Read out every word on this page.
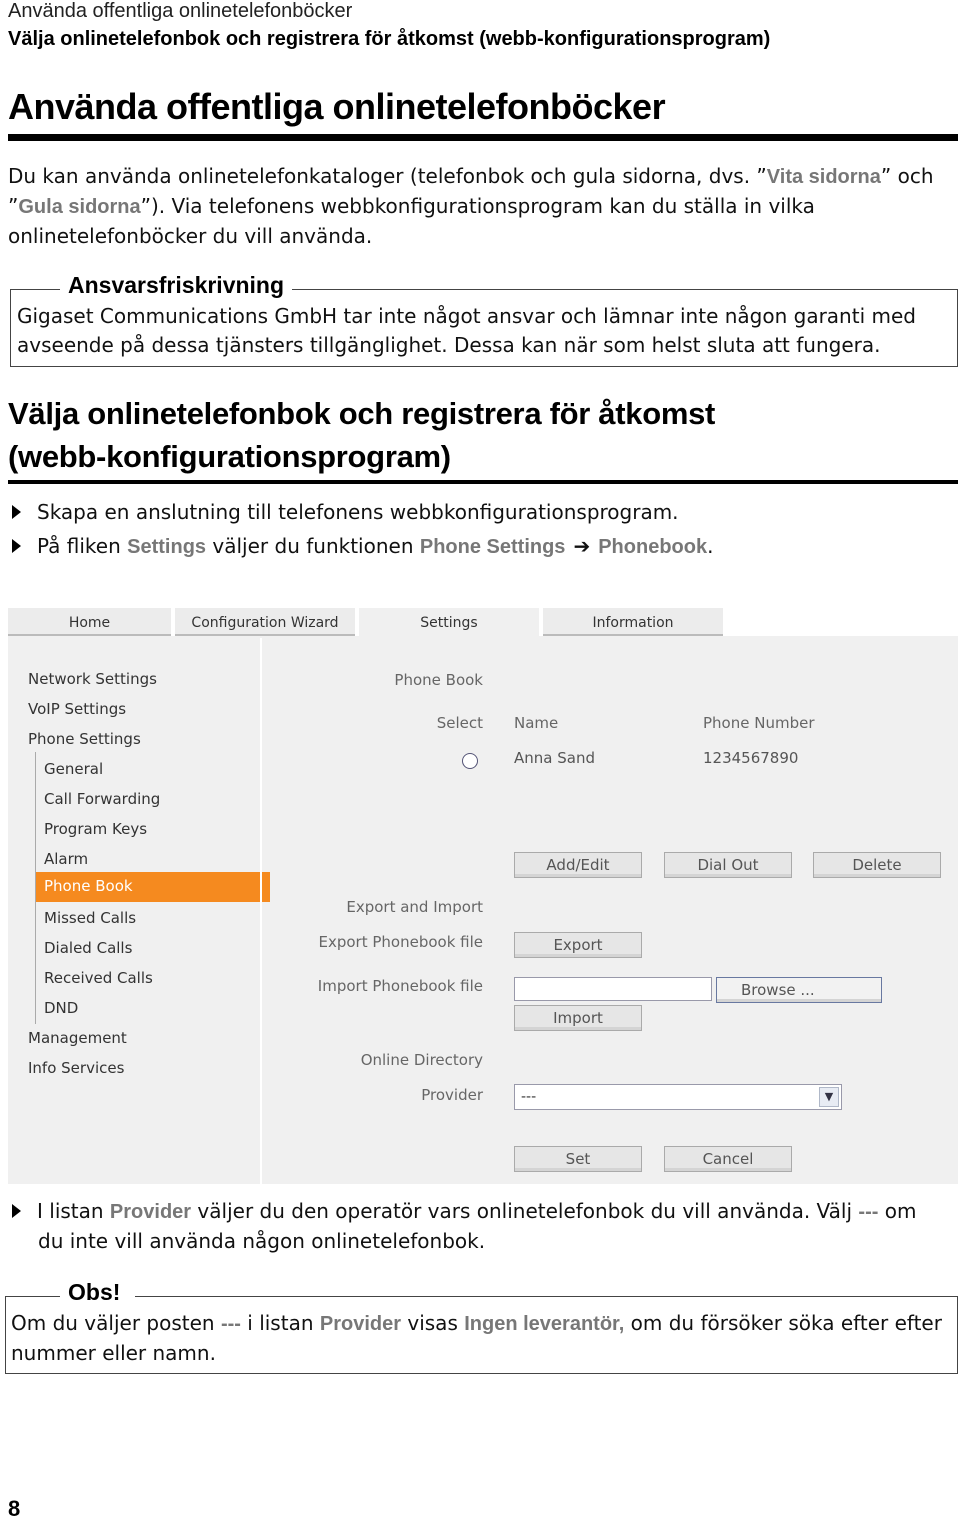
Använda offentliga onlinetelefonböcker
Välja onlinetelefonbok och registrera för åtkomst (webb-konfigurationsprogram)
Använda offentliga onlinetelefonböcker
Du kan använda onlinetelefonkataloger (telefonbok och gula sidorna, dvs. ”Vita sidorna” och
”Gula sidorna”). Via telefonens webbkonfigurationsprogram kan du ställa in vilka
onlinetelefonböcker du vill använda.
Ansvarsfriskrivning
Gigaset Communications GmbH tar inte något ansvar och lämnar inte någon garanti med
avseende på dessa tjänsters tillgänglighet. Dessa kan när som helst sluta att fungera.
Välja onlinetelefonbok och registrera för åtkomst
(webb-konfigurationsprogram)
Skapa en anslutning till telefonens webbkonfigurationsprogram.
På fliken Settings väljer du funktionen Phone Settings ➔ Phonebook.
Home	Configuration Wizard	Settings	Information
Network Settings
VoIP Settings
Phone Settings
General
Call Forwarding
Program Keys
Alarm
Phone Book
Missed Calls
Dialed Calls
Received Calls
DND
Management
Info Services
Phone Book
Select Name	Phone Number
Anna Sand	1234567890
Add/Edit	Dial Out	Delete
Export and Import
Export Phonebook file	Export
Import Phonebook file	Browse ...
Import
Online Directory
Provider	---	▼
Set	Cancel
I listan Provider väljer du den operatör vars onlinetelefonbok du vill använda. Välj --- om
du inte vill använda någon onlinetelefonbok.
Obs!
Om du väljer posten --- i listan Provider visas Ingen leverantör, om du försöker söka efter efter
nummer eller namn.
8
